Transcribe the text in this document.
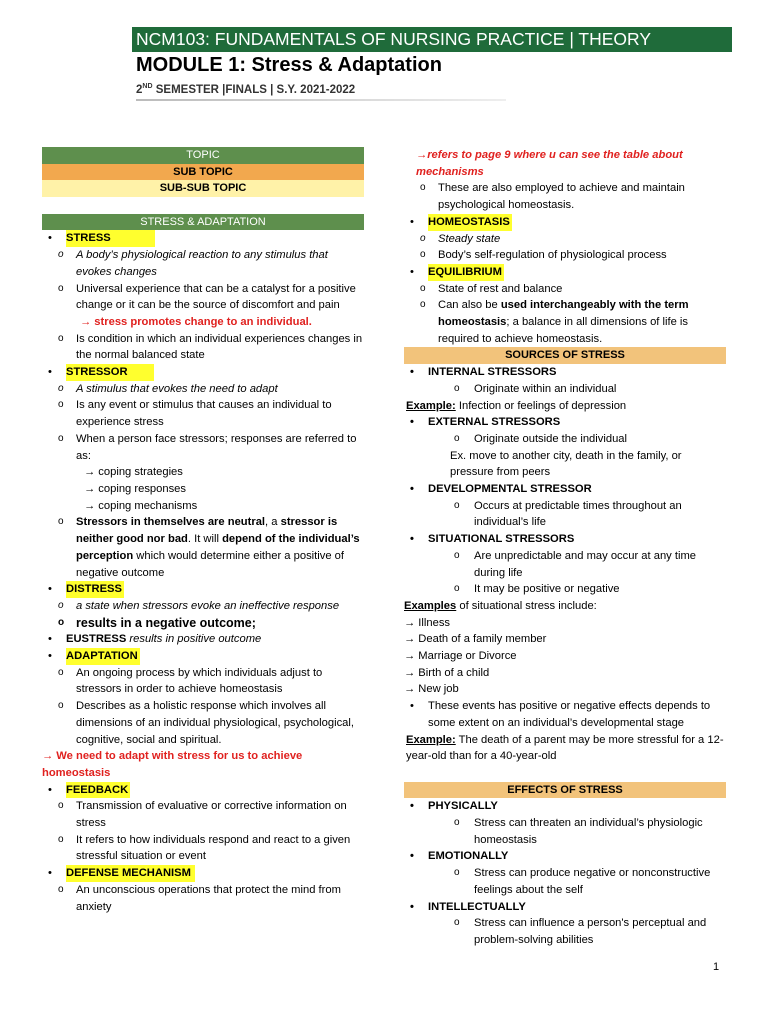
NCM103: FUNDAMENTALS OF NURSING PRACTICE | THEORY
MODULE 1: Stress & Adaptation
2ND SEMESTER |FINALS | S.Y. 2021-2022
TOPIC
SUB TOPIC
SUB-SUB TOPIC
STRESS & ADAPTATION
• STRESS
o A body’s physiological reaction to any stimulus that evokes changes
o Universal experience that can be a catalyst for a positive change or it can be the source of discomfort and pain
→ stress promotes change to an individual.
o Is condition in which an individual experiences changes in the normal balanced state
• STRESSOR
o A stimulus that evokes the need to adapt
o Is any event or stimulus that causes an individual to experience stress
o When a person face stressors; responses are referred to as:
→ coping strategies
→ coping responses
→ coping mechanisms
o Stressors in themselves are neutral, a stressor is neither good nor bad. It will depend of the individual’s perception which would determine either a positive of negative outcome
• DISTRESS
o a state when stressors evoke an ineffective response
o results in a negative outcome;
• EUSTRESS results in positive outcome
• ADAPTATION
o An ongoing process by which individuals adjust to stressors in order to achieve homeostasis
o Describes as a holistic response which involves all dimensions of an individual physiological, psychological, cognitive, social and spiritual.
→ We need to adapt with stress for us to achieve homeostasis
• FEEDBACK
o Transmission of evaluative or corrective information on stress
o It refers to how individuals respond and react to a given stressful situation or event
• DEFENSE MECHANISM
o An unconscious operations that protect the mind from anxiety
→refers to page 9 where u can see the table about mechanisms
o These are also employed to achieve and maintain psychological homeostasis.
• HOMEOSTASIS
o Steady state
o Body’s self-regulation of physiological process
• EQUILIBRIUM
o State of rest and balance
o Can also be used interchangeably with the term homeostasis; a balance in all dimensions of life is required to achieve homeostasis.
SOURCES OF STRESS
• INTERNAL STRESSORS
o Originate within an individual
Example: Infection or feelings of depression
• EXTERNAL STRESSORS
o Originate outside the individual
Ex. move to another city, death in the family, or pressure from peers
• DEVELOPMENTAL STRESSOR
o Occurs at predictable times throughout an individual’s life
• SITUATIONAL STRESSORS
o Are unpredictable and may occur at any time during life
o It may be positive or negative
Examples of situational stress include:
→ Illness
→ Death of a family member
→ Marriage or Divorce
→ Birth of a child
→ New job
• These events has positive or negative effects depends to some extent on an individual’s developmental stage
Example: The death of a parent may be more stressful for a 12-year-old than for a 40-year-old
EFFECTS OF STRESS
• PHYSICALLY
o Stress can threaten an individual’s physiologic homeostasis
• EMOTIONALLY
o Stress can produce negative or nonconstructive feelings about the self
• INTELLECTUALLY
o Stress can influence a person's perceptual and problem-solving abilities
1
